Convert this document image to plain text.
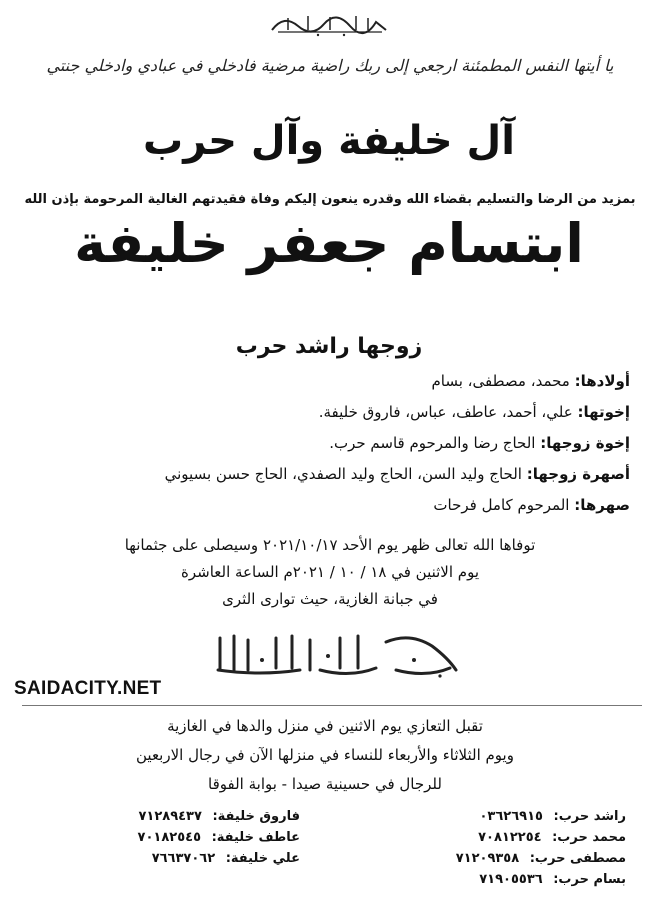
يا أيتها النفس المطمئنة ارجعي إلى ربك راضية مرضية فادخلي في عبادي وادخلي جنتي
آل خليفة وآل حرب
بمزيد من الرضا والتسليم بقضاء الله وقدره ينعون إليكم وفاة فقيدتهم الغالية المرحومة بإذن الله
ابتسام جعفر خليفة
زوجها راشد حرب
أولادها: محمد، مصطفى، بسام
إخوتها: علي، أحمد، عاطف، عباس، فاروق خليفة.
إخوة زوجها: الحاج رضا والمرحوم قاسم حرب.
أصهرة زوجها: الحاج وليد السن، الحاج وليد الصفدي، الحاج حسن بسيوني
صهرها: المرحوم كامل فرحات
توفاها الله تعالى ظهر يوم الأحد ٢٠٢١/١٠/١٧ وسيصلى على جثمانها
يوم الاثنين في ١٨ / ١٠ / ٢٠٢١م الساعة العاشرة
في جبانة الغازية، حيث توارى الثرى
SAIDACITY.NET
تقبل التعازي يوم الاثنين في منزل والدها في الغازية
ويوم الثلاثاء والأربعاء للنساء في منزلها الآن في رجال الاربعين
للرجال في حسينية صيدا - بوابة الفوقا
راشد حرب: ٠٣٦٢٦٩١٥
محمد حرب: ٧٠٨١٢٢٥٤
مصطفى حرب: ٧١٢٠٩٣٥٨
بسام حرب: ٧١٩٠٥٥٣٦
فاروق خليفة: ٧١٢٨٩٤٣٧
عاطف خليفة: ٧٠١٨٢٥٤٥
علي خليفة: ٧٦٦٣٧٠٦٢
